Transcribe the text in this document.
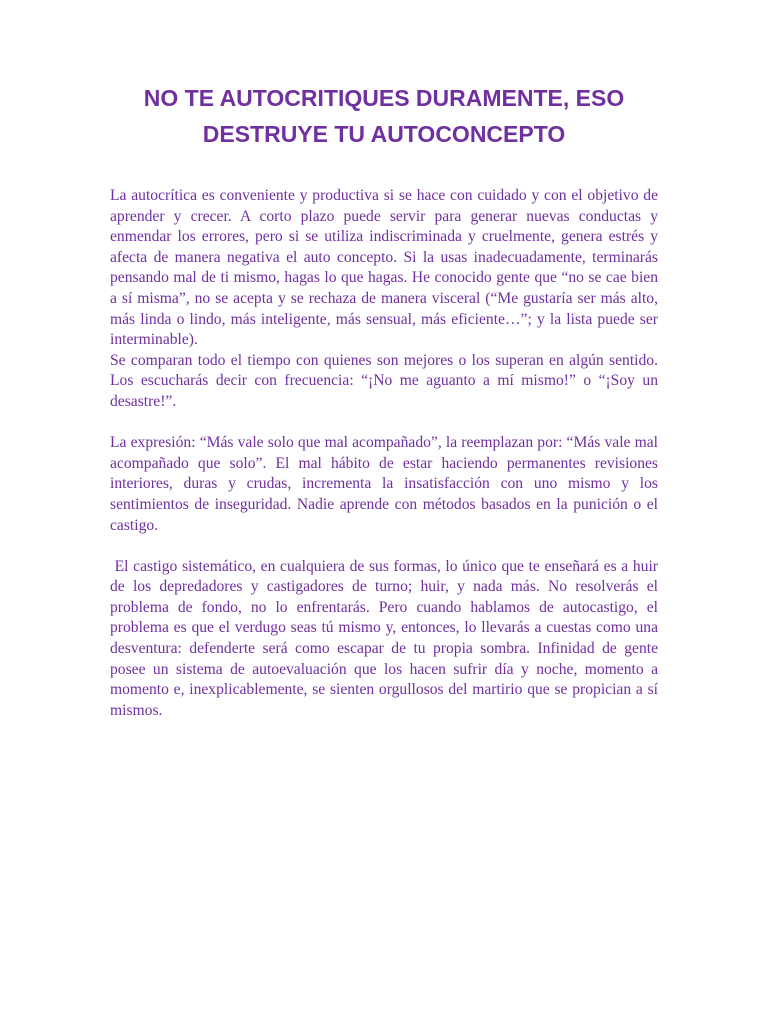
NO TE AUTOCRITIQUES DURAMENTE, ESO
DESTRUYE TU AUTOCONCEPTO

La autocrítica es conveniente y productiva si se hace con cuidado y con el objetivo de aprender y crecer. A corto plazo puede servir para generar nuevas conductas y enmendar los errores, pero si se utiliza indiscriminada y cruelmente, genera estrés y afecta de manera negativa el auto concepto. Si la usas inadecuadamente, terminarás pensando mal de ti mismo, hagas lo que hagas. He conocido gente que “no se cae bien a sí misma”, no se acepta y se rechaza de manera visceral (“Me gustaría ser más alto, más linda o lindo, más inteligente, más sensual, más eficiente…”; y la lista puede ser interminable).

Se comparan todo el tiempo con quienes son mejores o los superan en algún sentido. Los escucharás decir con frecuencia: “¡No me aguanto a mí mismo!” o “¡Soy un desastre!”.

La expresión: “Más vale solo que mal acompañado”, la reemplazan por: “Más vale mal acompañado que solo”. El mal hábito de estar haciendo permanentes revisiones interiores, duras y crudas, incrementa la insatisfacción con uno mismo y los sentimientos de inseguridad. Nadie aprende con métodos basados en la punición o el castigo.

El castigo sistemático, en cualquiera de sus formas, lo único que te enseñará es a huir de los depredadores y castigadores de turno; huir, y nada más. No resolverás el problema de fondo, no lo enfrentarás. Pero cuando hablamos de autocastigo, el problema es que el verdugo seas tú mismo y, entonces, lo llevarás a cuestas como una desventura: defenderte será como escapar de tu propia sombra. Infinidad de gente posee un sistema de autoevaluación que los hacen sufrir día y noche, momento a momento e, inexplicablemente, se sienten orgullosos del martirio que se propician a sí mismos.
